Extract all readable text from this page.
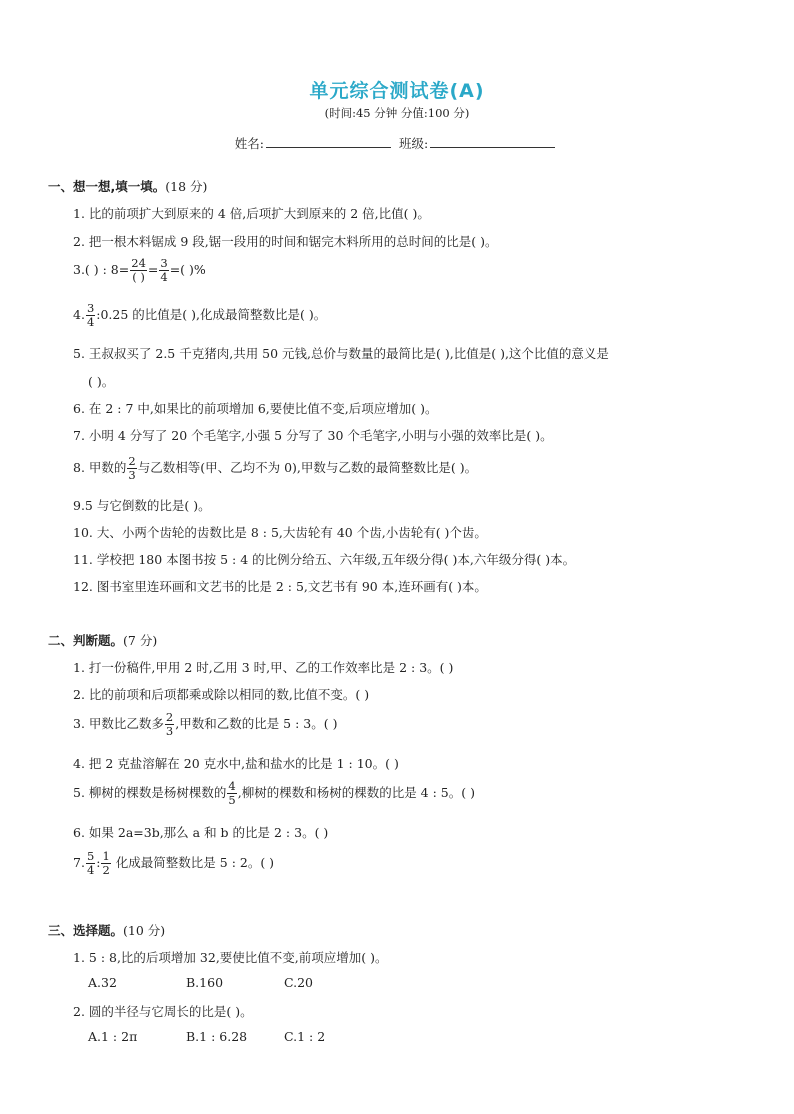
单元综合测试卷(A)
(时间:45 分钟 分值:100 分)
姓名:	班级:
一、想一想,填一填。(18 分)
1. 比的前项扩大到原来的 4 倍,后项扩大到原来的 2 倍,比值( )。
2. 把一根木料锯成 9 段,锯一段用的时间和锯完木料所用的总时间的比是( )。
3.( ) : $8= \frac{24}{( )} = \frac{3}{4}$ =( )%
4. $\frac{3}{4}$ :0.25 的比值是( ),化成最简整数比是( )。
5. 王叔叔买了 2.5 千克猪肉,共用 50 元钱,总价与数量的最简比是( ),比值是( ),这个比值的意义是
( )。
6. 在 2 : 7 中,如果比的前项增加 6,要使比值不变,后项应增加( )。
7. 小明 4 分写了 20 个毛笔字,小强 5 分写了 30 个毛笔字,小明与小强的效率比是( )。
8. 甲数的 $\frac{2}{3}$ 与乙数相等(甲、乙均不为 0),甲数与乙数的最简整数比是( )。
9.5 与它倒数的比是( )。
10. 大、小两个齿轮的齿数比是 8 : 5,大齿轮有 40 个齿,小齿轮有( )个齿。
11. 学校把 180 本图书按 5 : 4 的比例分给五、六年级,五年级分得( )本,六年级分得( )本。
12. 图书室里连环画和文艺书的比是 2 : 5,文艺书有 90 本,连环画有( )本。
二、判断题。(7 分)
1. 打一份稿件,甲用 2 时,乙用 3 时,甲、乙的工作效率比是 2 : 3。( )
2. 比的前项和后项都乘或除以相同的数,比值不变。( )
3. 甲数比乙数多 $\frac{2}{3}$ ,甲数和乙数的比是 5 : 3。( )
4. 把 2 克盐溶解在 20 克水中,盐和盐水的比是 1 : 10。( )
5. 柳树的棵数是杨树棵数的 $\frac{4}{5}$ ,柳树的棵数和杨树的棵数的比是 4 : 5。( )
6. 如果 2a=3b,那么 a 和 b 的比是 2 : 3。( )
7. $\frac{5}{4}$ : $\frac{1}{2}$ 化成最简整数比是 5 : 2。( )
三、选择题。(10 分)
1. 5 : 8,比的后项增加 32,要使比值不变,前项应增加( )。
A.32	B.160	C.20
2. 圆的半径与它周长的比是( )。
A.1 : 2π	B.1 : 6.28	C.1 : 2
